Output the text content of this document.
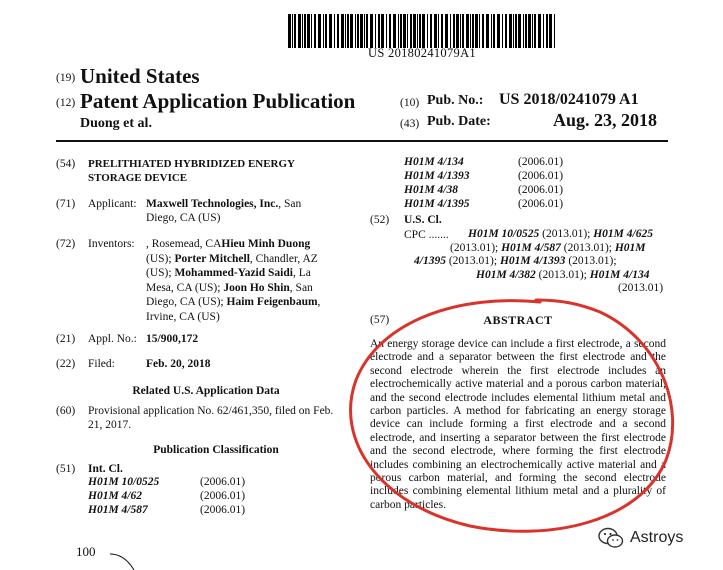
US 20180241079A1
(19) United States
(12) Patent Application Publication
Duong et al.
(10) Pub. No.: US 2018/0241079 A1
(43) Pub. Date:	Aug. 23, 2018
(54) PRELITHIATED HYBRIDIZED ENERGY
STORAGE DEVICE
(71) Applicant: Maxwell Technologies, Inc., San
Diego, CA (US)
(72) Inventors: , Rosemead, CAHieu Minh Duong
(US); Porter Mitchell, Chandler, AZ
(US); Mohammed-Yazid Saidi, La
Mesa, CA (US); Joon Ho Shin, San
Diego, CA (US); Haim Feigenbaum,
Irvine, CA (US)
(21) Appl. No.: 15/900,172
(22) Filed:	Feb. 20, 2018
Related U.S. Application Data
(60) Provisional application No. 62/461,350, filed on Feb.
21, 2017.
Publication Classification
(51) Int. Cl.
H01M 10/0525	(2006.01)
H01M 4/62	(2006.01)
H01M 4/587	(2006.01)
H01M 4/134	(2006.01)
H01M 4/1393	(2006.01)
H01M 4/38	(2006.01)
H01M 4/1395	(2006.01)
(52) U.S. Cl.
CPC ....... H01M 10/0525 (2013.01); H01M 4/625
(2013.01); H01M 4/587 (2013.01); H01M
4/1395 (2013.01); H01M 4/1393 (2013.01);
H01M 4/382 (2013.01); H01M 4/134
(2013.01)
(57)	ABSTRACT
An energy storage device can include a first electrode, a second electrode and a separator between the first electrode and the second electrode wherein the first electrode includes an electrochemically active material and a porous carbon material, and the second electrode includes elemental lithium metal and carbon particles. A method for fabricating an energy storage device can include forming a first electrode and a second electrode, and inserting a separator between the first electrode and the second electrode, where forming the first electrode includes combining an electrochemically active material and a porous carbon material, and forming the second electrode includes combining elemental lithium metal and a plurality of carbon particles.
100
Astroys
